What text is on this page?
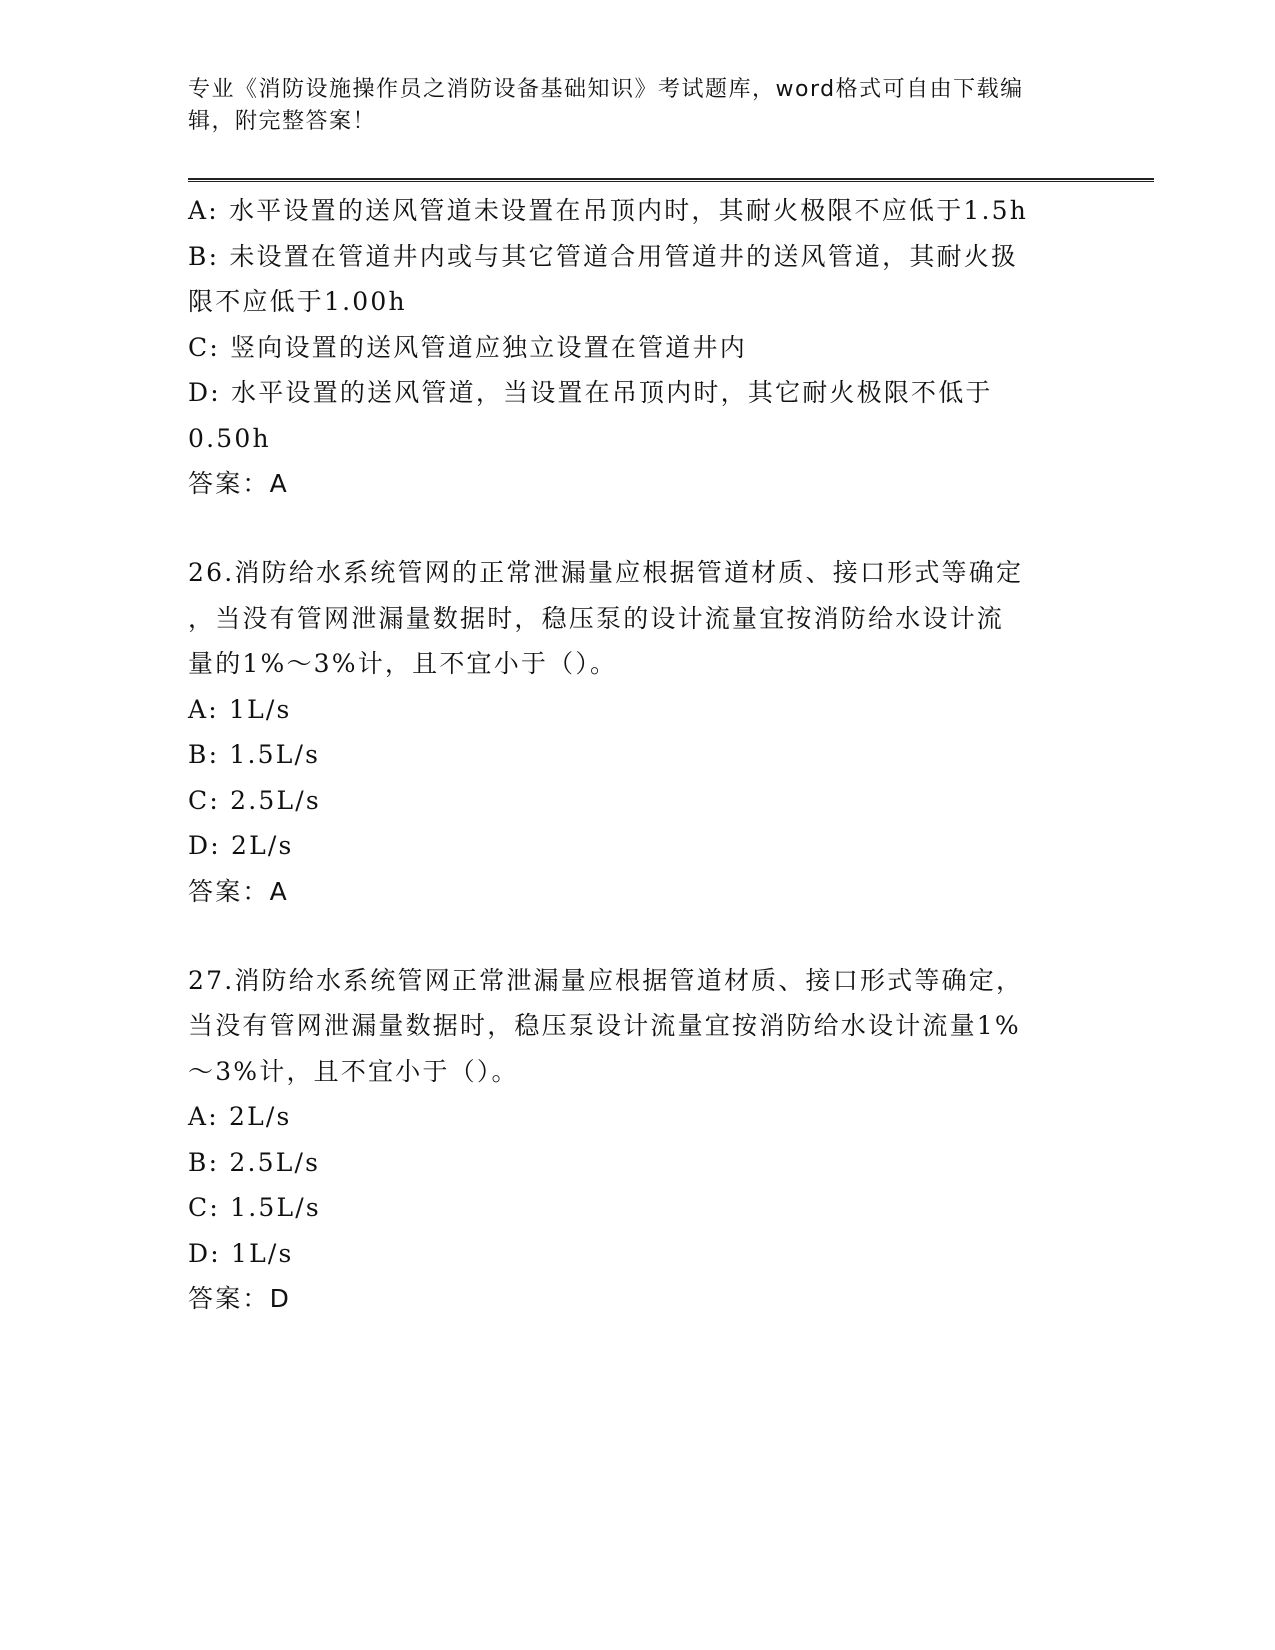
专业《消防设施操作员之消防设备基础知识》考试题库，word格式可自由下载编
辑，附完整答案！
A: 水平设置的送风管道未设置在吊顶内时，其耐火极限不应低于1.5h
B: 未设置在管道井内或与其它管道合用管道井的送风管道，其耐火扱
限不应低于1.00h
C: 竖向设置的送风管道应独立设置在管道井内
D: 水平设置的送风管道，当设置在吊顶内时，其它耐火极限不低于
0.50h
答案：A
26.消防给水系统管网的正常泄漏量应根据管道材质、接口形式等确定
，当没有管网泄漏量数据时，稳压泵的设计流量宜按消防给水设计流
量的1%～3%计，且不宜小于（）。
A: 1L/s
B: 1.5L/s
C: 2.5L/s
D: 2L/s
答案：A
27.消防给水系统管网正常泄漏量应根据管道材质、接口形式等确定，
当没有管网泄漏量数据时，稳压泵设计流量宜按消防给水设计流量1%
～3%计，且不宜小于（）。
A: 2L/s
B: 2.5L/s
C: 1.5L/s
D: 1L/s
答案：D
